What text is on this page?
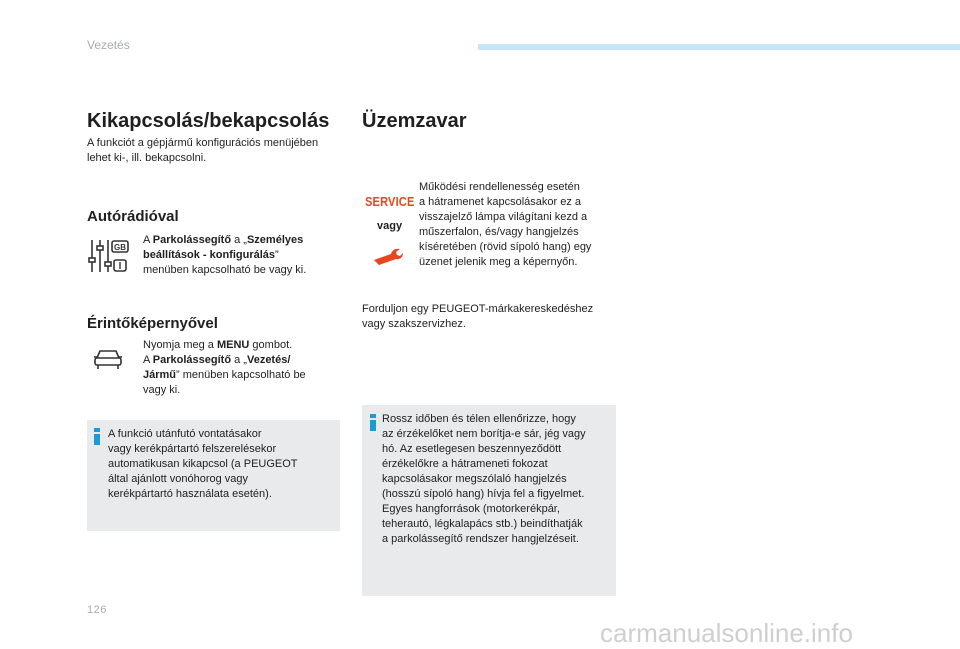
Vezetés
Kikapcsolás/bekapcsolás

A funkciót a gépjármű konfigurációs menüjében

lehet ki-, ill. bekapcsolni.

Autórádióval
GB

A Parkolássegítő a „Személyes

beállítások - konfigurálás”

menüben kapcsolható be vagy ki.

Érintőképernyővel

Nyomja meg a MENU gombot.

A Parkolássegítő a „Vezetés/

Jármű” menüben kapcsolható be

vagy ki.

A funkció utánfutó vontatásakor

vagy kerékpártartó felszerelésekor

automatikusan kikapcsol (a PEUGEOT

által ajánlott vonóhorog vagy

kerékpártartó használata esetén).

Üzemzavar
SERVICE
vagy

Működési rendellenesség esetén

a hátramenet kapcsolásakor ez a

visszajelző lámpa világítani kezd a

műszerfalon, és/vagy hangjelzés

kíséretében (rövid sípoló hang) egy

üzenet jelenik meg a képernyőn.

Forduljon egy PEUGEOT-márkakereskedéshez

vagy szakszervizhez.

Rossz időben és télen ellenőrizze, hogy

az érzékelőket nem borítja-e sár, jég vagy

hó. Az esetlegesen beszennyeződött

érzékelőkre a hátrameneti fokozat

kapcsolásakor megszólaló hangjelzés

(hosszú sípoló hang) hívja fel a figyelmet.

Egyes hangforrások (motorkerékpár,

teherautó, légkalapács stb.) beindíthatják

a parkolássegítő rendszer hangjelzéseit.

126
carmanualsonline.info
